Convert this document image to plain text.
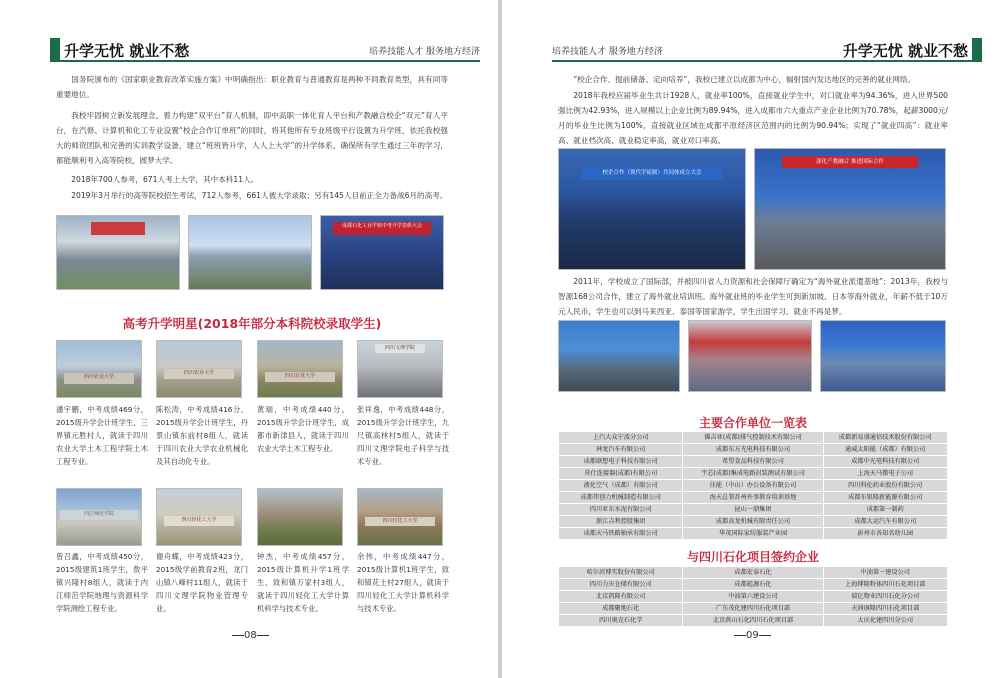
升学无忧 就业不愁	培养技能人才 服务地方经济
国务院颁布的《国家职业教育改革实施方案》中明确指出：职业教育与普通教育是两种不同教育类型，具有同等重要地位。
我校牢固树立新发展理念，着力构建“双平台”育人机制，即中高职一体化育人平台和产教融合校企“双元”育人平台，在汽修、计算机和化工专业设置“校企合作订单班”的同时，将其他所有专业班级平行设置为升学班，依托我校强大的师资团队和完善的实训教学设备，建立“班班皆升学，人人上大学”的升学体系，确保所有学生通过三年的学习，都能顺利考入高等院校，圆梦大学。
2018年700人参考，671人考上大学，其中本科11人。
2019年3月举行的高等院校招生考试，712人参考，661人被大学录取；另有145人目前正全力备战6月的高考。
成都石化工业学校中考升学表彰大会
高考升学明星(2018年部分本科院校录取学生)
四川农业大学
四川农业大学
四川农业大学
四川文理学院
潘宇鹏，中考成绩469分，2015级升学会计班学生，三界镇元胜村人，就读于四川农业大学土木工程学院土木工程专业。
陈松涛，中考成绩416分，2015级升学会计班学生，丹景山镇东前村8组人，就读于四川农业大学农业机械化及其自动化专业。
黄瑞，中考成绩440分，2015级升学会计班学生，成都市新津县人，就读于四川农业大学土木工程专业。
张祥逸，中考成绩448分，2015级升学会计班学生，九尺镇高林村5组人，就读于四川文理学院电子科学与技术专业。
内江师范学院
四川轻化工大学	四川轻化工大学
曾召鑫，中考成绩450分，2015级建筑1班学生，敖平镇兴隆村8组人，就读于内江师范学院地理与资源科学学院测绘工程专业。
谢舟蝶，中考成绩423分，2015级学前教育2班，龙门山镇八峰村11组人，就读于四川文理学院物业管理专业。
钟杰，中考成绩457分，2015级计算机升学1班学生，致和镇万家村3组人，就读于四川轻化工大学计算机科学与技术专业。
余伟，中考成绩447分，2015级计算机1班学生，致和镇花土村27组人，就读于四川轻化工大学计算机科学与技术专业。
08
培养技能人才 服务地方经济	升学无忧 就业不愁
“校企合作、提前储备、定向培养”，我校已建立以成都为中心，辐射国内发达地区的完善的就业网络。
2018年我校应届毕业生共计1928人，就业率100%，直接就业学生中，对口就业率为94.36%，进入世界500强比例为42.93%，进入规模以上企业比例为89.94%，进入成都市六大重点产业企业比例为70.78%，起薪3000元/月的毕业生比例为100%，直接就业区域在成都平原经济区范围内的比例为90.94%；实现了“就业四高”：就业率高、就业档次高、就业稳定率高，就业对口率高。
校企合作（现代学徒制）共同体成立大会
深化产教融合 推进国际合作
2011年，学校成立了国际部，并被四川省人力资源和社会保障厅确定为“海外就业派遣基地”；2013年，我校与智源168公司合作，建立了海外就业培训班。海外就业班的毕业学生可到新加坡、日本等海外就业，年薪不低于10万元人民币，学生也可以到马来西亚、泰国等国家游学，学生出国学习、就业不再是梦。
主要合作单位一览表
上汽大众宁波分公司	佛吉亚(成都)排气控制技术有限公司	成都新易盛通信技术股份有限公司
神龙汽车有限公司	成都东方光电科技有限公司	通威太阳能（成都）有限公司
成都联想电子科技有限公司	希望食品科技有限公司	成都中光电科技有限公司
莫仕连接器(成都)有限公司	宇芯(成都)集成电路封装测试有限公司	上海天马微电子公司
液化空气（成都）有限公司	佳能（中山）办公设备有限公司	四川科伦药业股份有限公司
成都伟创力机械制造有限公司	海天总署苏州外事教育培训基地	成都东银隆新能源有限公司
四川亚东水泥有限公司	昆山一鼎集团	成都第一制药
浙江吉利控股集团	成都高龙机械有限责任公司	成都大运汽车有限公司
成都天马铁路轴承有限公司	华茂国际家纺服装产业园	彭州市各知名幼儿园
与四川石化项目签约企业
哈尔滨博实股份有限公司	成都宏泰石化	中油第一建设公司
四川力庆仓储有限公司	成都彪源石化	上海博隆粉体四川石化项目部
北京凯隆有限公司	中油第六建设公司	瑞亿物业四川石化分公司
成都聚地石化	广东茂化建四川石化项目部	天润康隆四川石化项目部
四川奥克石化学	北京燕山石化四川石化项目部	大庆化建四川分公司
09
